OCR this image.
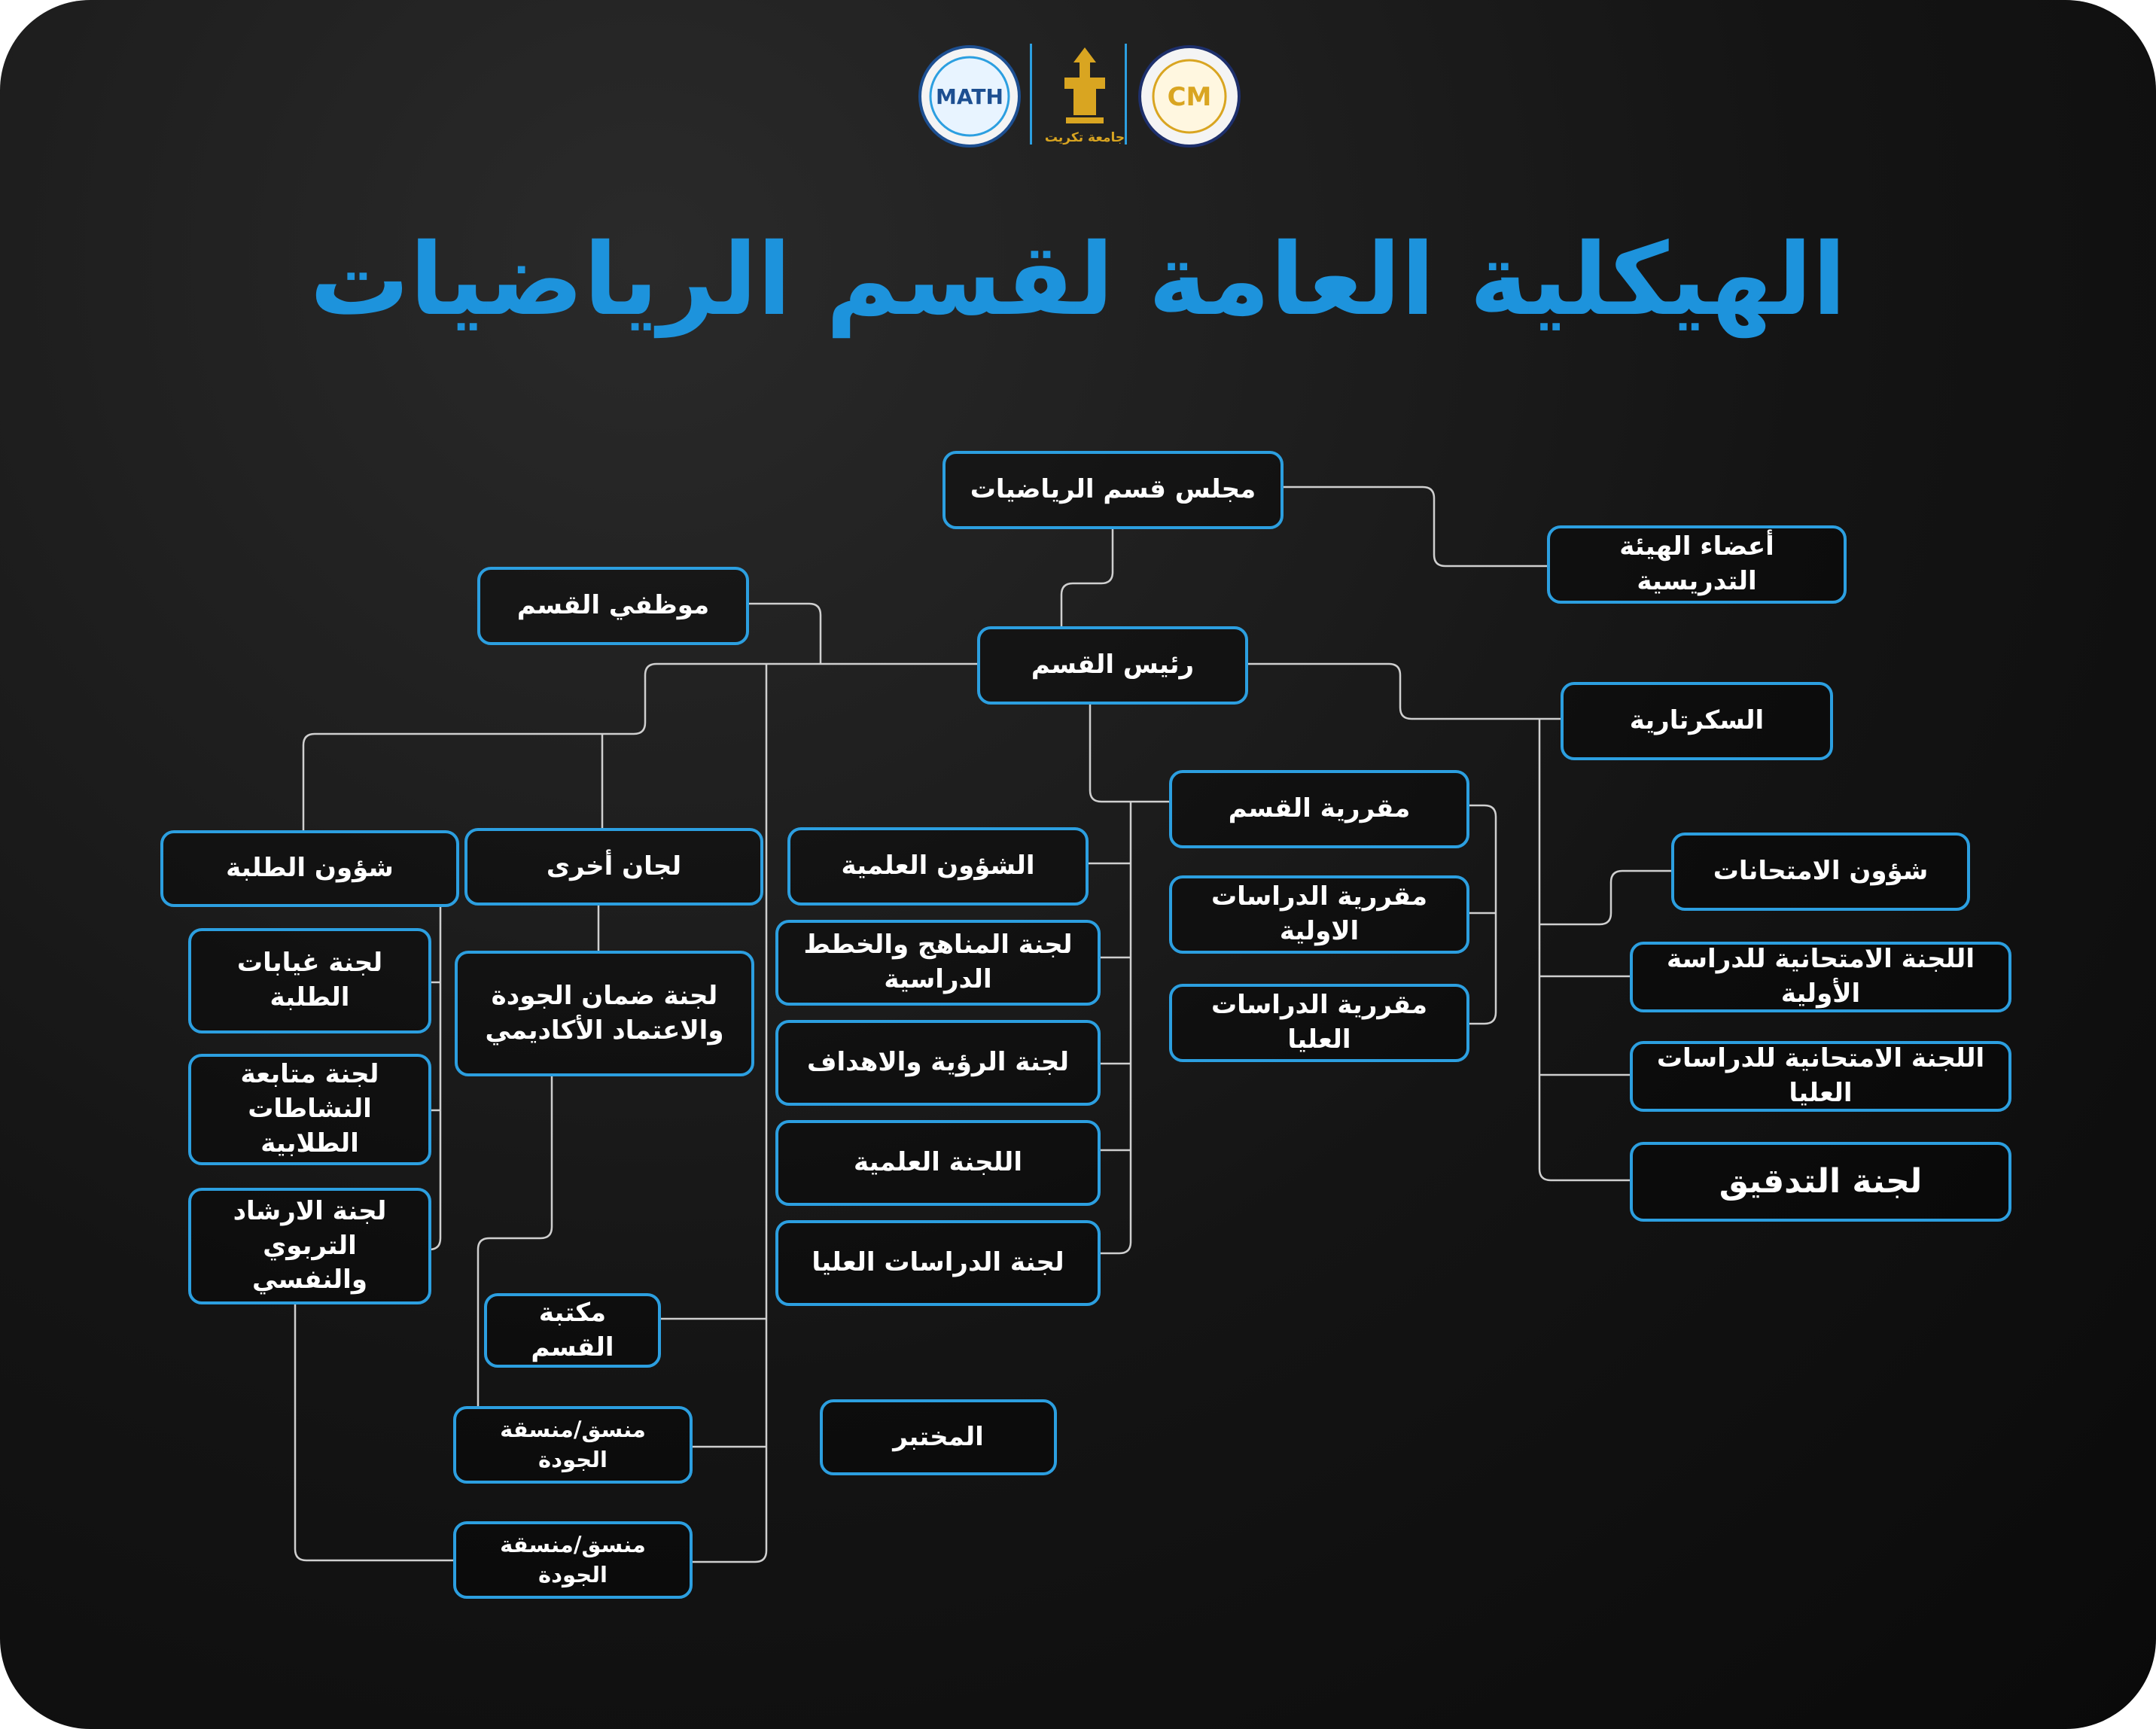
MATH
جامعة تكريت
CM
الهيكلية العامة لقسم الرياضيات
مجلس قسم الرياضيات
أعضاء الهيئة التدريسية
موظفي القسم
رئيس القسم
السكرتارية
مقررية القسم
مقررية الدراسات الاولية
مقررية الدراسات العليا
شؤون الامتحانات
اللجنة الامتحانية للدراسة الأولية
اللجنة الامتحانية للدراسات العليا
لجنة التدقيق
الشؤون العلمية
لجنة المناهج والخطط الدراسية
لجنة الرؤية والاهداف
اللجنة العلمية
لجنة الدراسات العليا
شؤون الطلبة
لجنة غيابات الطلبة
لجنة متابعة النشاطات الطلابية
لجنة الارشاد التربوي والنفسي
لجان أخرى
لجنة ضمان الجودة والاعتماد الأكاديمي
مكتبة القسم
منسق/منسقة الجودة
المختبر
منسق/منسقة الجودة
